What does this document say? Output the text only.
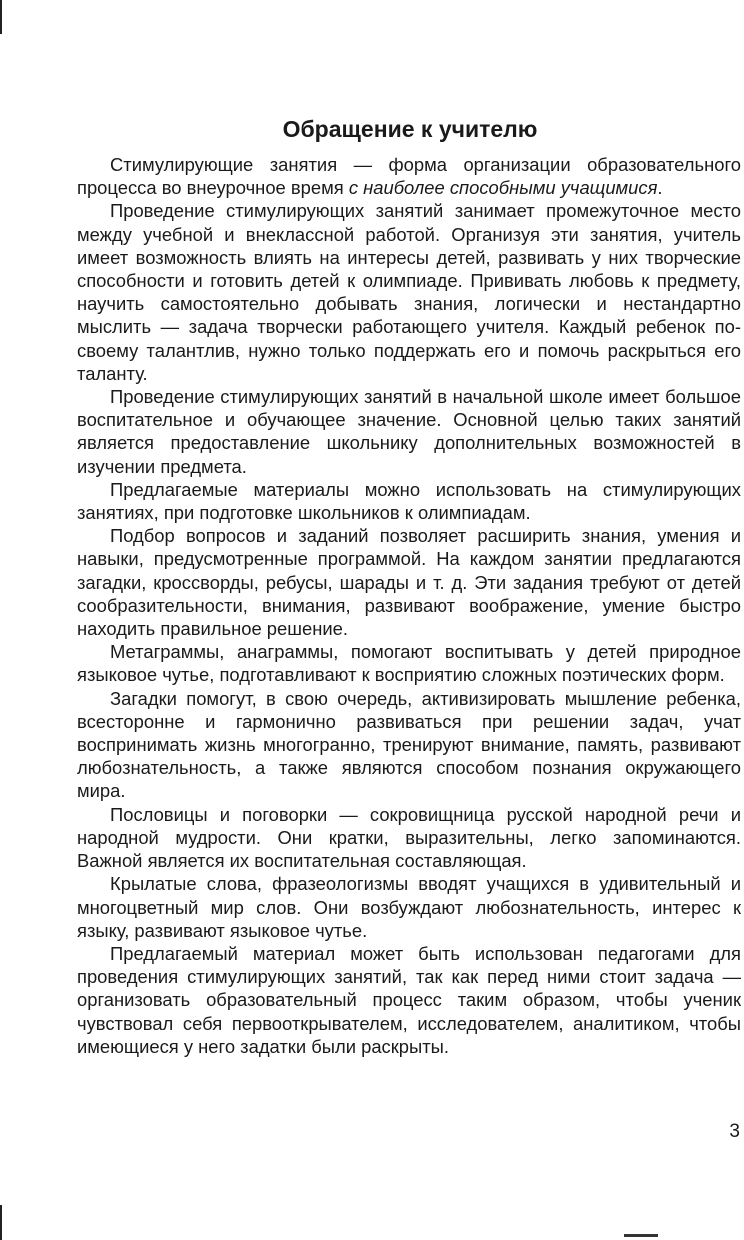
Обращение к учителю

Стимулирующие занятия — форма организации образовательного процесса во внеурочное время с наиболее способными учащимися.

Проведение стимулирующих занятий занимает промежуточное место между учебной и внеклассной работой. Организуя эти занятия, учитель имеет возможность влиять на интересы детей, развивать у них творческие способности и готовить детей к олимпиаде. Прививать любовь к предмету, научить самостоятельно добывать знания, логически и нестандартно мыслить — задача творчески работающего учителя. Каждый ребенок по-своему талантлив, нужно только поддержать его и помочь раскрыться его таланту.

Проведение стимулирующих занятий в начальной школе имеет большое воспитательное и обучающее значение. Основной целью таких занятий является предоставление школьнику дополнительных возможностей в изучении предмета.

Предлагаемые материалы можно использовать на стимулирующих занятиях, при подготовке школьников к олимпиадам.

Подбор вопросов и заданий позволяет расширить знания, умения и навыки, предусмотренные программой. На каждом занятии предлагаются загадки, кроссворды, ребусы, шарады и т. д. Эти задания требуют от детей сообразительности, внимания, развивают воображение, умение быстро находить правильное решение.

Метаграммы, анаграммы, помогают воспитывать у детей природное языковое чутье, подготавливают к восприятию сложных поэтических форм.

Загадки помогут, в свою очередь, активизировать мышление ребенка, всесторонне и гармонично развиваться при решении задач, учат воспринимать жизнь многогранно, тренируют внимание, память, развивают любознательность, а также являются способом познания окружающего мира.

Пословицы и поговорки — сокровищница русской народной речи и народной мудрости. Они кратки, выразительны, легко запоминаются. Важной является их воспитательная составляющая.

Крылатые слова, фразеологизмы вводят учащихся в удивительный и многоцветный мир слов. Они возбуждают любознательность, интерес к языку, развивают языковое чутье.

Предлагаемый материал может быть использован педагогами для проведения стимулирующих занятий, так как перед ними стоит задача — организовать образовательный процесс таким образом, чтобы ученик чувствовал себя первооткрывателем, исследователем, аналитиком, чтобы имеющиеся у него задатки были раскрыты.

3
